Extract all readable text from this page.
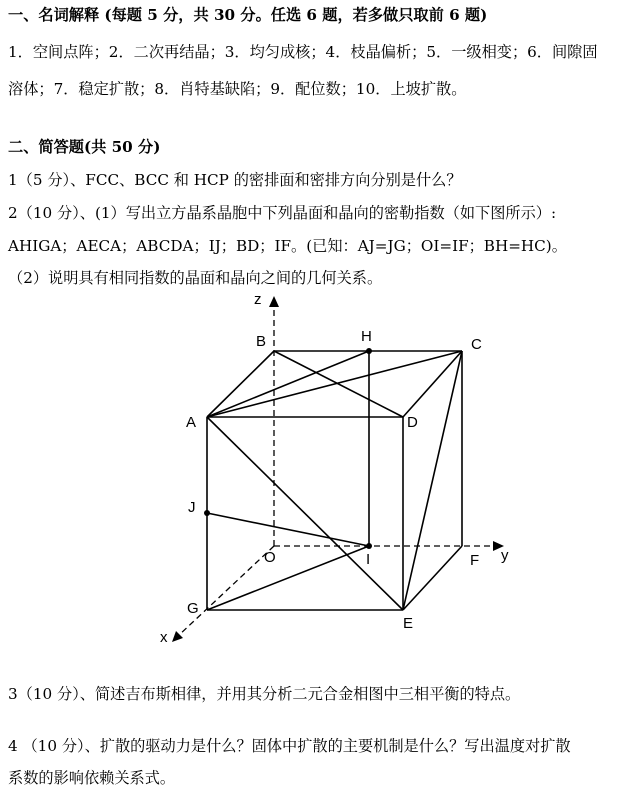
一、名词解释 (每题 5 分，共 30 分。任选 6 题，若多做只取前 6 题)
1．空间点阵；2．二次再结晶；3．均匀成核；4．枝晶偏析；5．一级相变；6．间隙固
溶体；7．稳定扩散；8．肖特基缺陷；9．配位数；10．上坡扩散。
二、简答题(共 50 分)
1（5 分）、FCC、BCC 和 HCP 的密排面和密排方向分别是什么？
2（10 分）、(1）写出立方晶系晶胞中下列晶面和晶向的密勒指数（如下图所示）:
AHIGA；AECA；ABCDA；IJ；BD；IF。(已知：AJ=JG；OI=IF；BH=HC)。
（2）说明具有相同指数的晶面和晶向之间的几何关系。
z
y
x
B	H	C
A	D
J
O	I	F
G
E
3（10 分）、简述吉布斯相律，并用其分析二元合金相图中三相平衡的特点。
4 （10 分）、扩散的驱动力是什么？固体中扩散的主要机制是什么？写出温度对扩散
系数的影响依赖关系式。
